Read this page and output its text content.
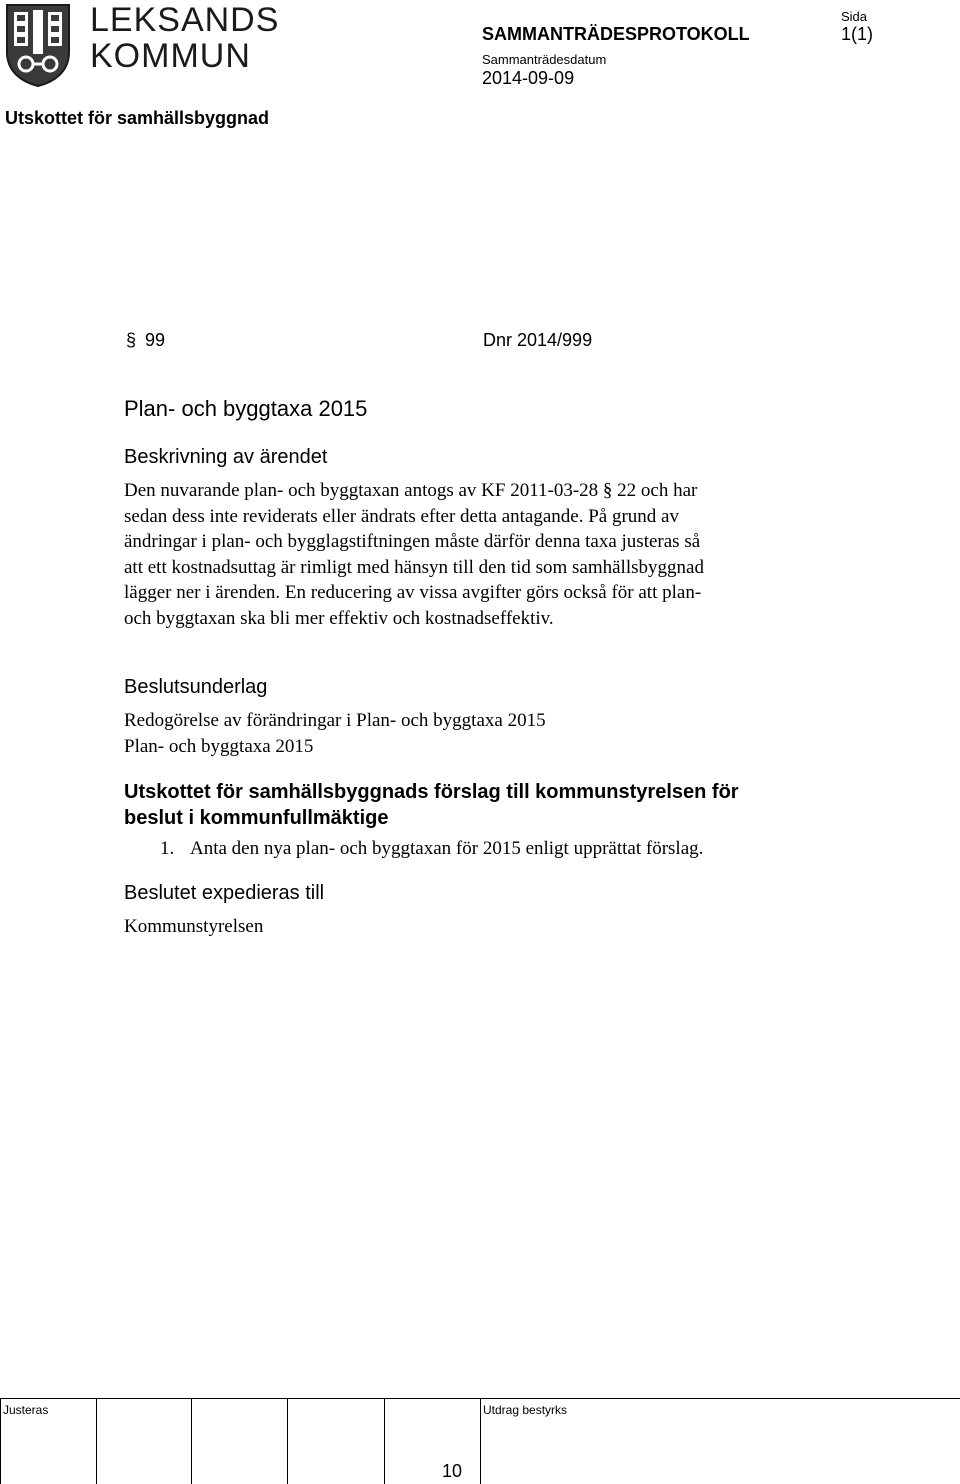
LEKSANDS
KOMMUN
SAMMANTRÄDESPROTOKOLL
Sammanträdesdatum
2014-09-09
Sida
1(1)
Utskottet för samhällsbyggnad
§ 99	Dnr 2014/999
Plan- och byggtaxa 2015
Beskrivning av ärendet
Den nuvarande plan- och byggtaxan antogs av KF 2011-03-28 § 22 och har
sedan dess inte reviderats eller ändrats efter detta antagande. På grund av
ändringar i plan- och bygglagstiftningen måste därför denna taxa justeras så
att ett kostnadsuttag är rimligt med hänsyn till den tid som samhällsbyggnad
lägger ner i ärenden. En reducering av vissa avgifter görs också för att plan-
och byggtaxan ska bli mer effektiv och kostnadseffektiv.
Beslutsunderlag
Redogörelse av förändringar i Plan- och byggtaxa 2015
Plan- och byggtaxa 2015
Utskottet för samhällsbyggnads förslag till kommunstyrelsen för
beslut i kommunfullmäktige
1. Anta den nya plan- och byggtaxan för 2015 enligt upprättat förslag.
Beslutet expedieras till
Kommunstyrelsen
Justeras	Utdrag bestyrks
10
